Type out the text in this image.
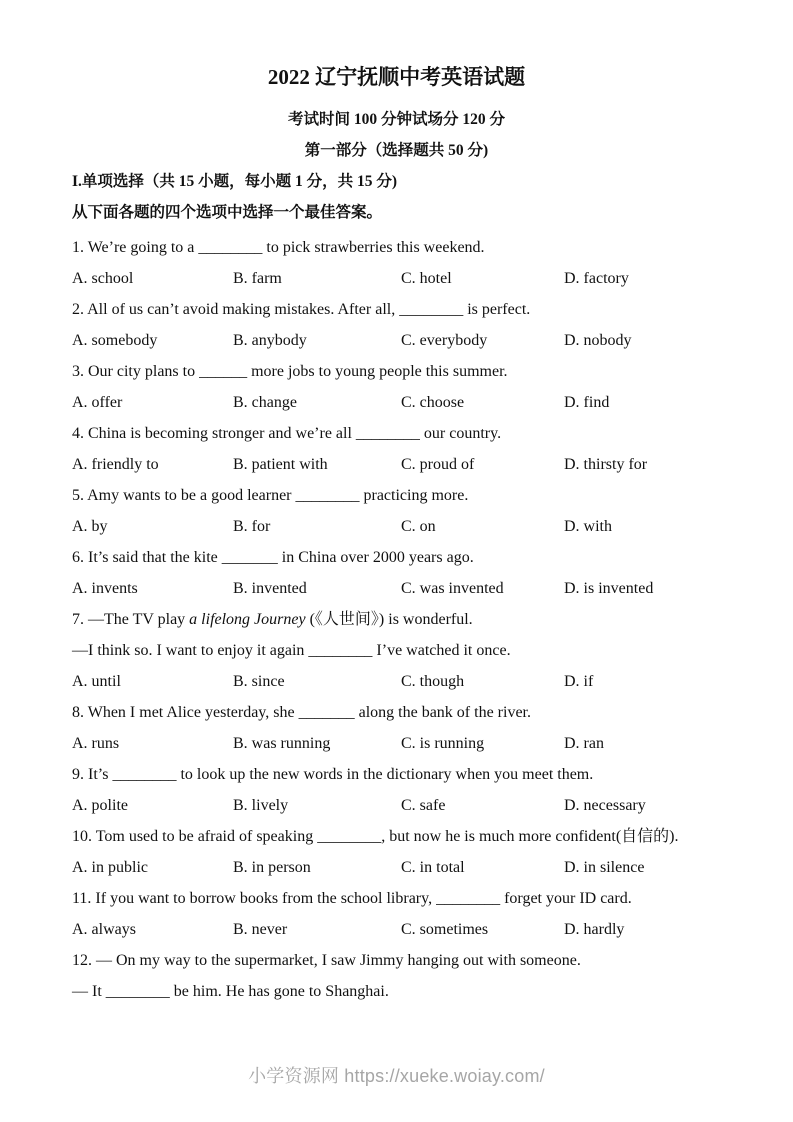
2022 辽宁抚顺中考英语试题
考试时间 100 分钟试场分 120 分
第一部分（选择题共 50 分)
I.单项选择（共 15 小题，每小题 1 分，共 15 分)
从下面各题的四个选项中选择一个最佳答案。
1. We’re going to a ________ to pick strawberries this weekend.
A. school	B. farm	C. hotel	D. factory
2. All of us can’t avoid making mistakes. After all, ________ is perfect.
A. somebody	B. anybody	C. everybody	D. nobody
3. Our city plans to ______ more jobs to young people this summer.
A. offer	B. change	C. choose	D. find
4. China is becoming stronger and we’re all ________ our country.
A. friendly to	B. patient with	C. proud of	D. thirsty for
5. Amy wants to be a good learner ________ practicing more.
A. by	B. for	C. on	D. with
6. It’s said that the kite _______ in China over 2000 years ago.
A. invents	B. invented	C. was invented	D. is invented
7. —The TV play a lifelong Journey (《人世间》) is wonderful.
—I think so. I want to enjoy it again ________ I’ve watched it once.
A. until	B. since	C. though	D. if
8. When I met Alice yesterday, she _______ along the bank of the river.
A. runs	B. was running	C. is running	D. ran
9. It’s ________ to look up the new words in the dictionary when you meet them.
A. polite	B. lively	C. safe	D. necessary
10. Tom used to be afraid of speaking ________, but now he is much more confident(自信的).
A. in public	B. in person	C. in total	D. in silence
11. If you want to borrow books from the school library, ________ forget your ID card.
A. always	B. never	C. sometimes	D. hardly
12. — On my way to the supermarket, I saw Jimmy hanging out with someone.
— It ________ be him. He has gone to Shanghai.
小学资源网 https://xueke.woiay.com/
